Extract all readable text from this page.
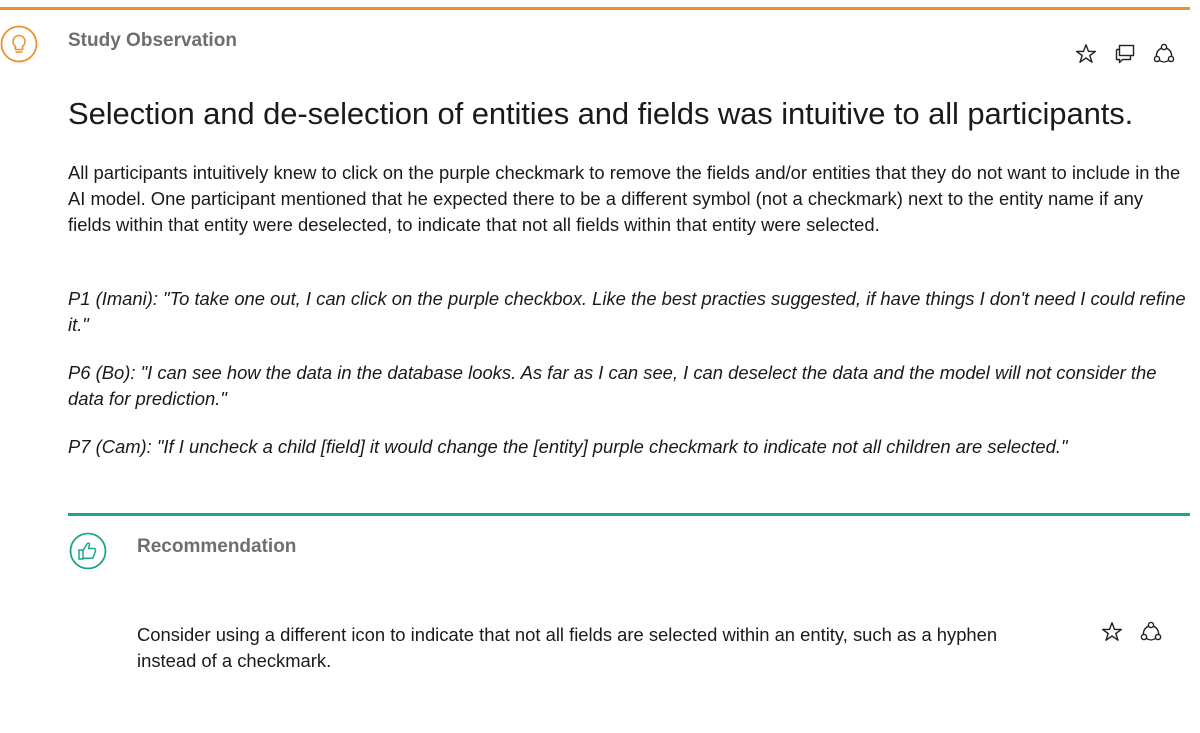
Study Observation
Selection and de-selection of entities and fields was intuitive to all participants.

All participants intuitively knew to click on the purple checkmark to remove the fields and/or entities that they do not want to include in the AI model. One participant mentioned that he expected there to be a different symbol (not a checkmark) next to the entity name if any fields within that entity were deselected, to indicate that not all fields within that entity were selected.

P1 (Imani): "To take one out, I can click on the purple checkbox. Like the best practies suggested, if have things I don't need I could refine it."

P6 (Bo): "I can see how the data in the database looks. As far as I can see, I can deselect the data and the model will not consider the data for prediction."

P7 (Cam): "If I uncheck a child [field] it would change the [entity] purple checkmark to indicate not all children are selected."

Recommendation

Consider using a different icon to indicate that not all fields are selected within an entity, such as a hyphen instead of a checkmark.
